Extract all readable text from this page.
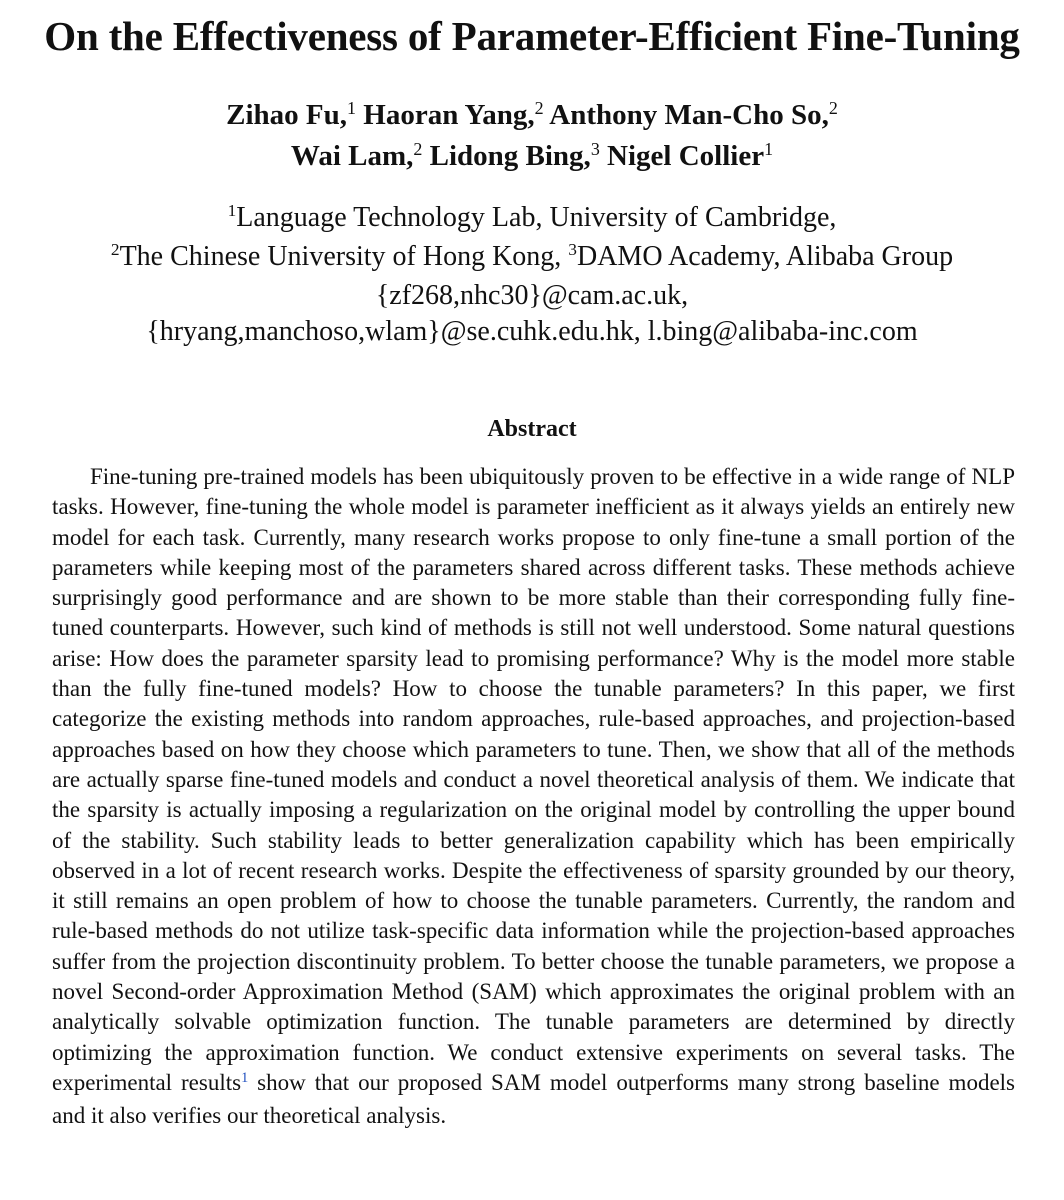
On the Effectiveness of Parameter-Efficient Fine-Tuning
Zihao Fu,$^1$ Haoran Yang,$^2$ Anthony Man-Cho So,$^2$
Wai Lam,$^2$ Lidong Bing,$^3$ Nigel Collier$^1$
$^1$Language Technology Lab, University of Cambridge,
$^2$The Chinese University of Hong Kong, $^3$DAMO Academy, Alibaba Group
{zf268,nhc30}@cam.ac.uk,
{hryang,manchoso,wlam}@se.cuhk.edu.hk, l.bing@alibaba-inc.com
Abstract
Fine-tuning pre-trained models has been ubiquitously proven to be effective in a wide range of NLP tasks. However, fine-tuning the whole model is parameter inefficient as it always yields an entirely new model for each task. Currently, many research works propose to only fine-tune a small portion of the parameters while keeping most of the parameters shared across different tasks. These methods achieve surprisingly good performance and are shown to be more stable than their corresponding fully fine-tuned counterparts. However, such kind of methods is still not well understood. Some natural questions arise: How does the parameter sparsity lead to promising performance? Why is the model more stable than the fully fine-tuned models? How to choose the tunable parameters? In this paper, we first categorize the existing methods into random approaches, rule-based approaches, and projection-based approaches based on how they choose which parameters to tune. Then, we show that all of the methods are actually sparse fine-tuned models and conduct a novel theoretical analysis of them. We indicate that the sparsity is actually imposing a regularization on the original model by controlling the upper bound of the stability. Such stability leads to better generalization capability which has been empirically observed in a lot of recent research works. Despite the effectiveness of sparsity grounded by our theory, it still remains an open problem of how to choose the tunable parameters. Currently, the random and rule-based methods do not utilize task-specific data information while the projection-based approaches suffer from the projection discontinuity problem. To better choose the tunable parameters, we propose a novel Second-order Approximation Method (SAM) which approximates the original problem with an analytically solvable optimization function. The tunable parameters are determined by directly optimizing the approximation function. We conduct extensive experiments on several tasks. The experimental results$^1$ show that our proposed SAM model outperforms many strong baseline models and it also verifies our theoretical analysis.
